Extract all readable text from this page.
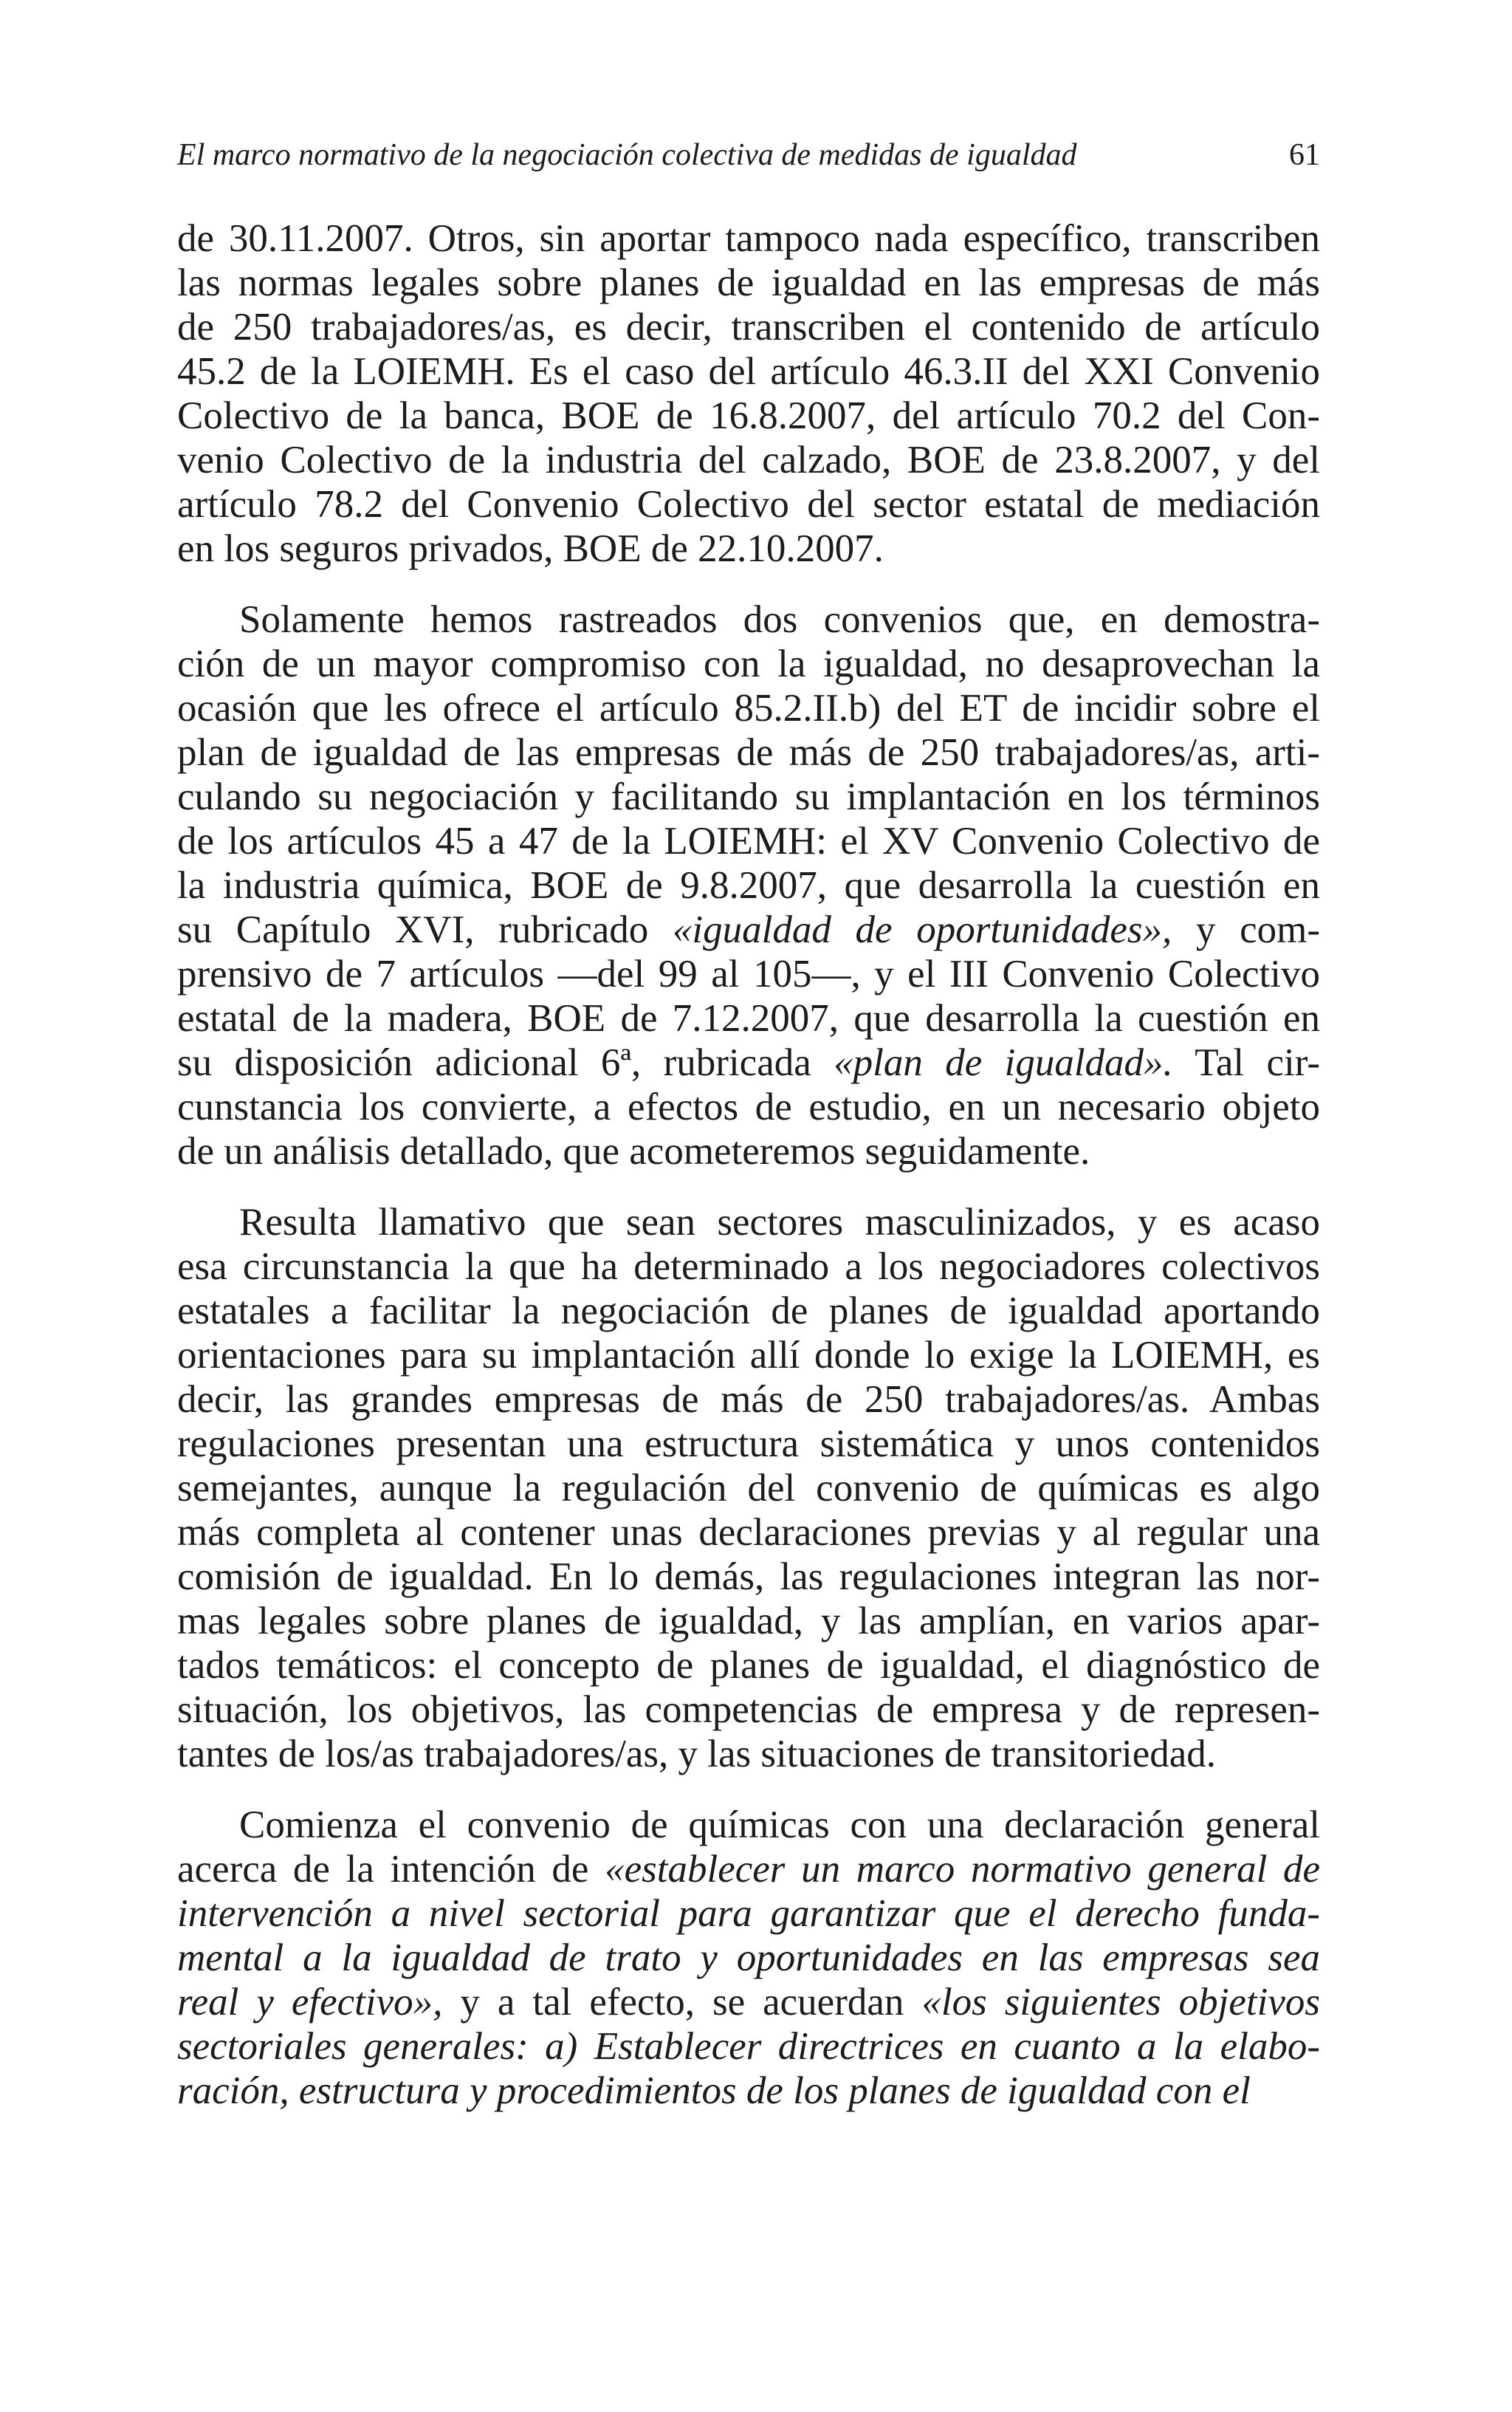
El marco normativo de la negociación colectiva de medidas de igualdad	61
de 30.11.2007. Otros, sin aportar tampoco nada específico, transcriben
las normas legales sobre planes de igualdad en las empresas de más
de 250 trabajadores/as, es decir, transcriben el contenido de artículo
45.2 de la LOIEMH. Es el caso del artículo 46.3.II del XXI Convenio
Colectivo de la banca, BOE de 16.8.2007, del artículo 70.2 del Con-
venio Colectivo de la industria del calzado, BOE de 23.8.2007, y del
artículo 78.2 del Convenio Colectivo del sector estatal de mediación
en los seguros privados, BOE de 22.10.2007.
Solamente hemos rastreados dos convenios que, en demostra-
ción de un mayor compromiso con la igualdad, no desaprovechan la
ocasión que les ofrece el artículo 85.2.II.b) del ET de incidir sobre el
plan de igualdad de las empresas de más de 250 trabajadores/as, arti-
culando su negociación y facilitando su implantación en los términos
de los artículos 45 a 47 de la LOIEMH: el XV Convenio Colectivo de
la industria química, BOE de 9.8.2007, que desarrolla la cuestión en
su Capítulo XVI, rubricado «igualdad de oportunidades», y com-
prensivo de 7 artículos —del 99 al 105—, y el III Convenio Colectivo
estatal de la madera, BOE de 7.12.2007, que desarrolla la cuestión en
su disposición adicional 6ª, rubricada «plan de igualdad». Tal cir-
cunstancia los convierte, a efectos de estudio, en un necesario objeto
de un análisis detallado, que acometeremos seguidamente.
Resulta llamativo que sean sectores masculinizados, y es acaso
esa circunstancia la que ha determinado a los negociadores colectivos
estatales a facilitar la negociación de planes de igualdad aportando
orientaciones para su implantación allí donde lo exige la LOIEMH, es
decir, las grandes empresas de más de 250 trabajadores/as. Ambas
regulaciones presentan una estructura sistemática y unos contenidos
semejantes, aunque la regulación del convenio de químicas es algo
más completa al contener unas declaraciones previas y al regular una
comisión de igualdad. En lo demás, las regulaciones integran las nor-
mas legales sobre planes de igualdad, y las amplían, en varios apar-
tados temáticos: el concepto de planes de igualdad, el diagnóstico de
situación, los objetivos, las competencias de empresa y de represen-
tantes de los/as trabajadores/as, y las situaciones de transitoriedad.
Comienza el convenio de químicas con una declaración general
acerca de la intención de «establecer un marco normativo general de
intervención a nivel sectorial para garantizar que el derecho funda-
mental a la igualdad de trato y oportunidades en las empresas sea
real y efectivo», y a tal efecto, se acuerdan «los siguientes objetivos
sectoriales generales: a) Establecer directrices en cuanto a la elabo-
ración, estructura y procedimientos de los planes de igualdad con el
